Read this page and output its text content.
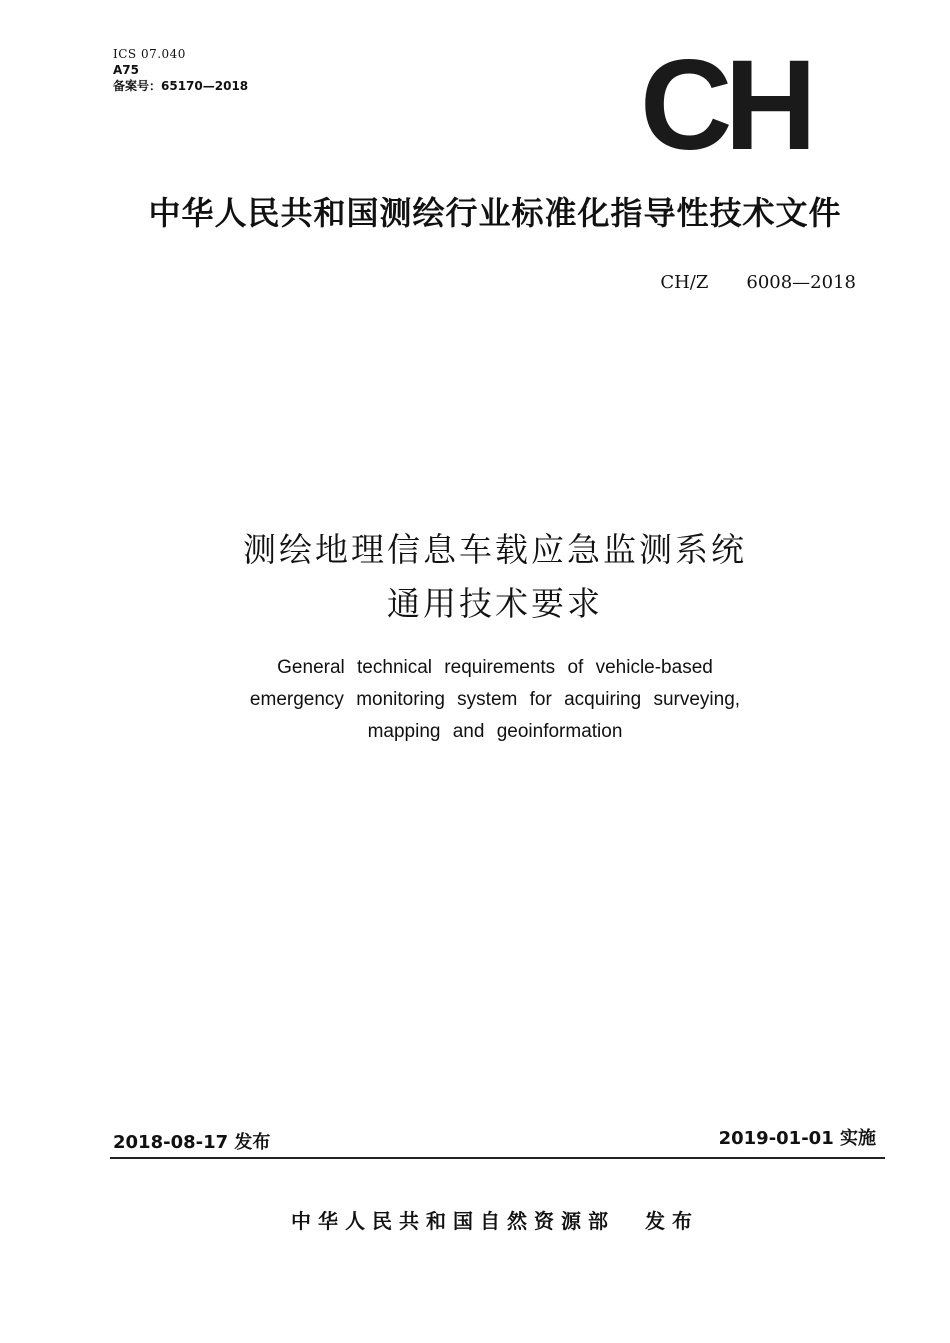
ICS 07.040
A75
备案号：65170—2018	CH
中华人民共和国测绘行业标准化指导性技术文件
CH/Z 6008—2018
测绘地理信息车载应急监测系统
通用技术要求
General technical requirements of vehicle-based
emergency monitoring system for acquiring surveying,
mapping and geoinformation
2018-08-17 发布	2019-01-01 实施
中华人民共和国自然资源部 发布
